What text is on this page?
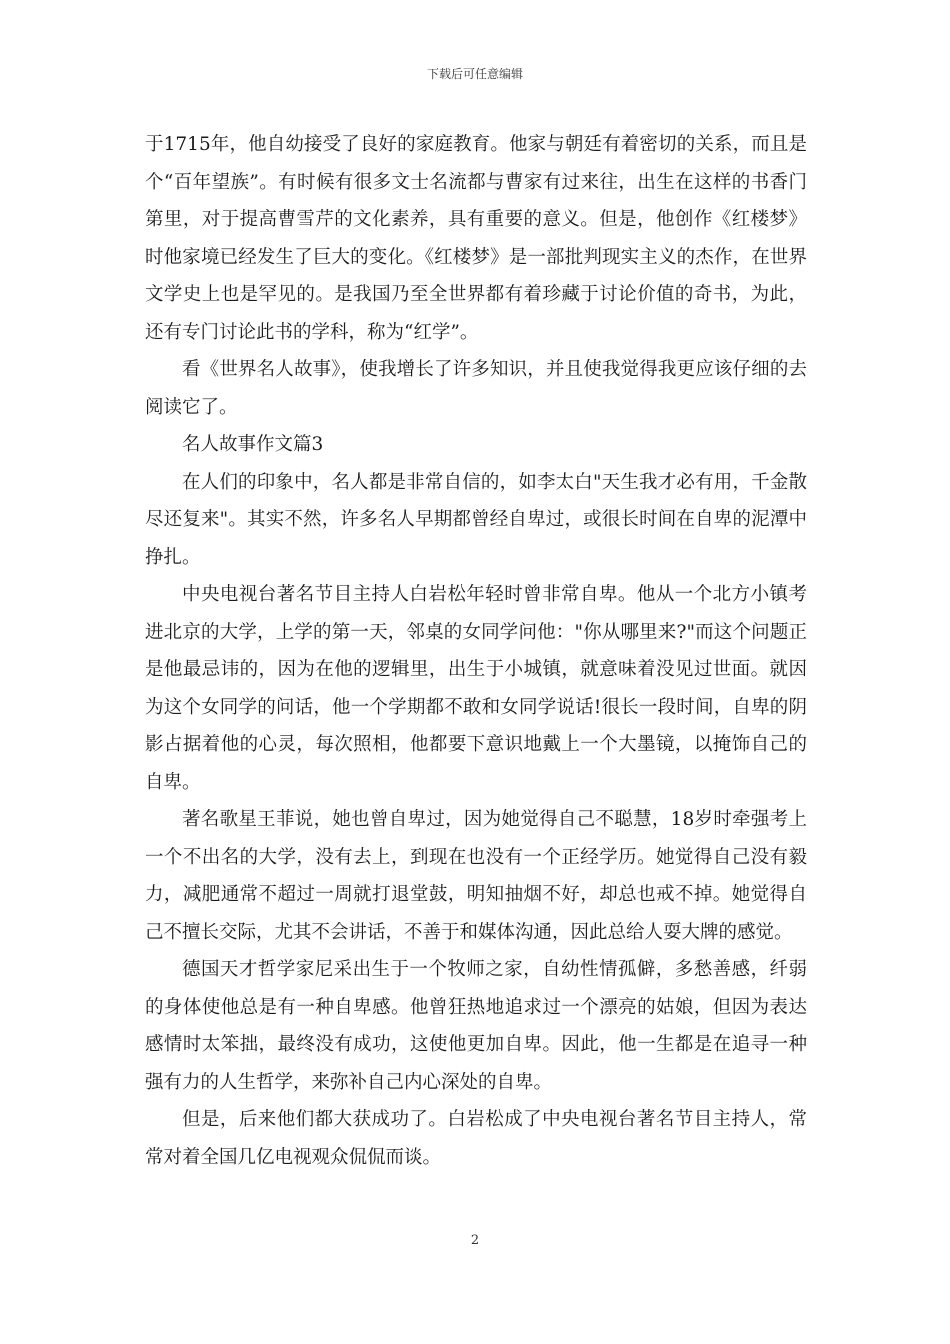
下载后可任意编辑

于1715年，他自幼接受了良好的家庭教育。他家与朝廷有着密切的关系，而且是个“百年望族”。有时候有很多文士名流都与曹家有过来往，出生在这样的书香门第里，对于提高曹雪芹的文化素养，具有重要的意义。但是，他创作《红楼梦》时他家境已经发生了巨大的变化。《红楼梦》是一部批判现实主义的杰作，在世界文学史上也是罕见的。是我国乃至全世界都有着珍藏于讨论价值的奇书，为此，还有专门讨论此书的学科，称为“红学”。

看《世界名人故事》，使我增长了许多知识，并且使我觉得我更应该仔细的去阅读它了。

名人故事作文篇3

在人们的印象中，名人都是非常自信的，如李太白"天生我才必有用，千金散尽还复来"。其实不然，许多名人早期都曾经自卑过，或很长时间在自卑的泥潭中挣扎。

中央电视台著名节目主持人白岩松年轻时曾非常自卑。他从一个北方小镇考进北京的大学，上学的第一天，邻桌的女同学问他："你从哪里来?"而这个问题正是他最忌讳的，因为在他的逻辑里，出生于小城镇，就意味着没见过世面。就因为这个女同学的问话，他一个学期都不敢和女同学说话!很长一段时间，自卑的阴影占据着他的心灵，每次照相，他都要下意识地戴上一个大墨镜，以掩饰自己的自卑。

著名歌星王菲说，她也曾自卑过，因为她觉得自己不聪慧，18岁时牵强考上一个不出名的大学，没有去上，到现在也没有一个正经学历。她觉得自己没有毅力，减肥通常不超过一周就打退堂鼓，明知抽烟不好，却总也戒不掉。她觉得自己不擅长交际，尤其不会讲话，不善于和媒体沟通，因此总给人耍大牌的感觉。

德国天才哲学家尼采出生于一个牧师之家，自幼性情孤僻，多愁善感，纤弱的身体使他总是有一种自卑感。他曾狂热地追求过一个漂亮的姑娘，但因为表达感情时太笨拙，最终没有成功，这使他更加自卑。因此，他一生都是在追寻一种强有力的人生哲学，来弥补自己内心深处的自卑。

但是，后来他们都大获成功了。白岩松成了中央电视台著名节目主持人，常常对着全国几亿电视观众侃侃而谈。

2
